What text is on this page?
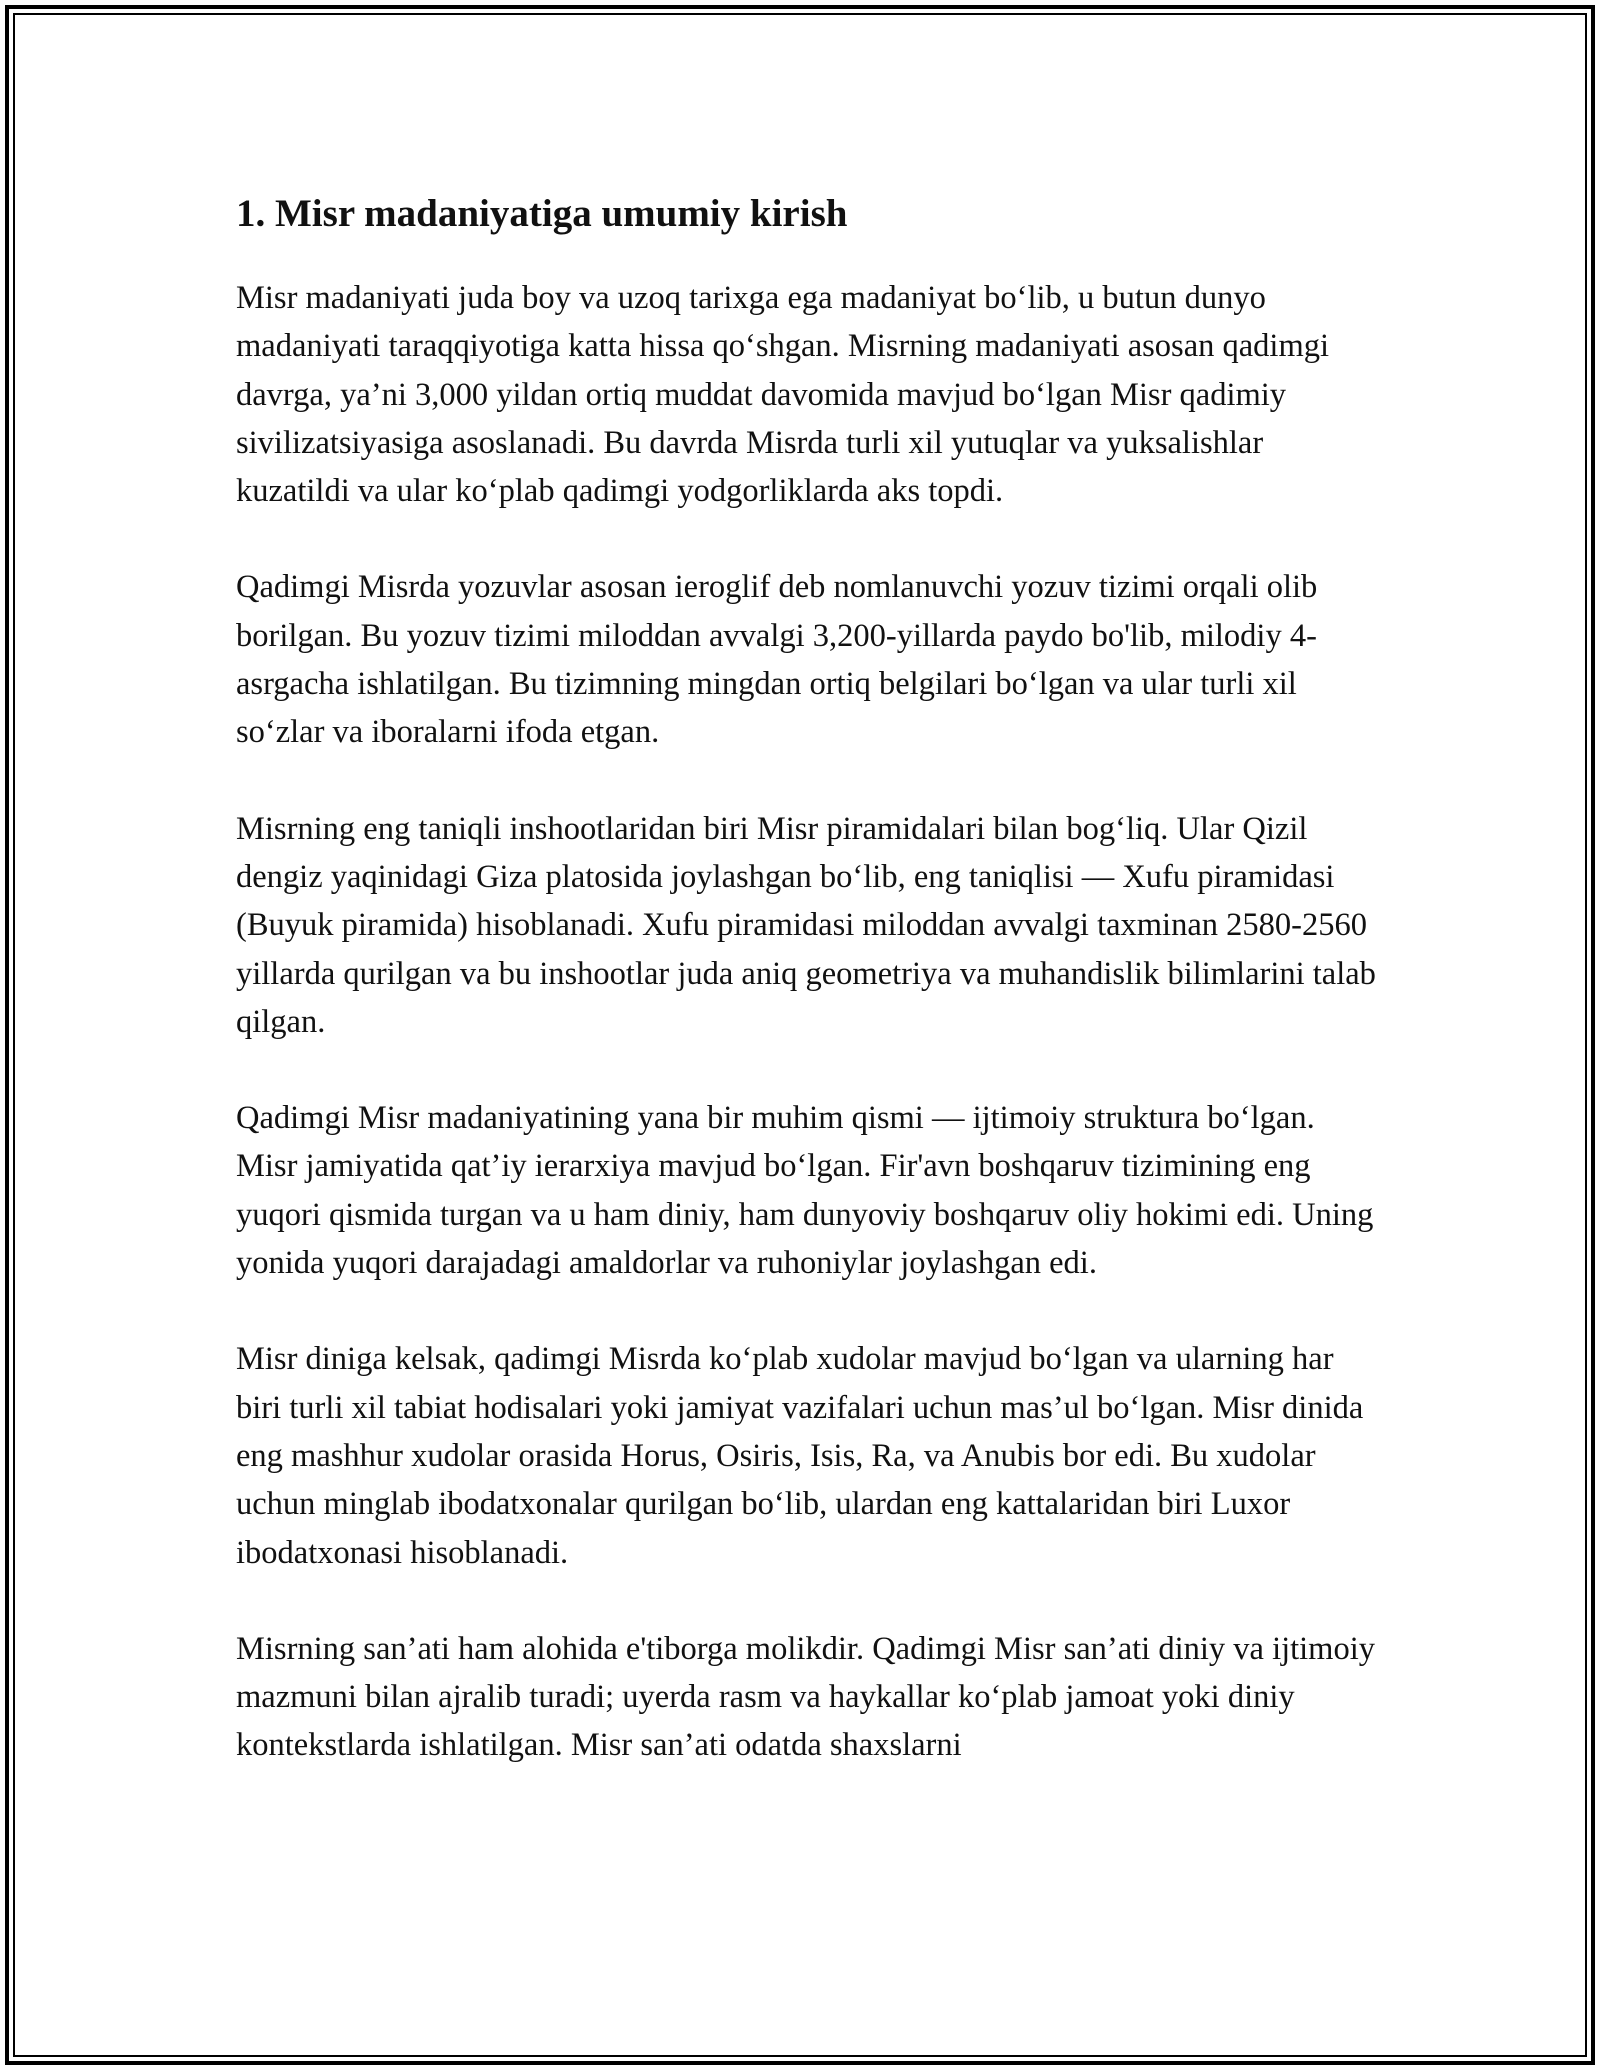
1. Misr madaniyatiga umumiy kirish

Misr madaniyati juda boy va uzoq tarixga ega madaniyat bo‘lib, u butun dunyo madaniyati taraqqiyotiga katta hissa qo‘shgan. Misrning madaniyati asosan qadimgi davrga, ya’ni 3,000 yildan ortiq muddat davomida mavjud bo‘lgan Misr qadimiy sivilizatsiyasiga asoslanadi. Bu davrda Misrda turli xil yutuqlar va yuksalishlar kuzatildi va ular ko‘plab qadimgi yodgorliklarda aks topdi.

Qadimgi Misrda yozuvlar asosan ieroglif deb nomlanuvchi yozuv tizimi orqali olib borilgan. Bu yozuv tizimi miloddan avvalgi 3,200-yillarda paydo bo'lib, milodiy 4-asrgacha ishlatilgan. Bu tizimning mingdan ortiq belgilari bo‘lgan va ular turli xil so‘zlar va iboralarni ifoda etgan.

Misrning eng taniqli inshootlaridan biri Misr piramidalari bilan bog‘liq. Ular Qizil dengiz yaqinidagi Giza platosida joylashgan bo‘lib, eng taniqlisi — Xufu piramidasi (Buyuk piramida) hisoblanadi. Xufu piramidasi miloddan avvalgi taxminan 2580-2560 yillarda qurilgan va bu inshootlar juda aniq geometriya va muhandislik bilimlarini talab qilgan.

Qadimgi Misr madaniyatining yana bir muhim qismi — ijtimoiy struktura bo‘lgan. Misr jamiyatida qat’iy ierarxiya mavjud bo‘lgan. Fir'avn boshqaruv tizimining eng yuqori qismida turgan va u ham diniy, ham dunyoviy boshqaruv oliy hokimi edi. Uning yonida yuqori darajadagi amaldorlar va ruhoniylar joylashgan edi.

Misr diniga kelsak, qadimgi Misrda ko‘plab xudolar mavjud bo‘lgan va ularning har biri turli xil tabiat hodisalari yoki jamiyat vazifalari uchun mas’ul bo‘lgan. Misr dinida eng mashhur xudolar orasida Horus, Osiris, Isis, Ra, va Anubis bor edi. Bu xudolar uchun minglab ibodatxonalar qurilgan bo‘lib, ulardan eng kattalaridan biri Luxor ibodatxonasi hisoblanadi.

Misrning san’ati ham alohida e'tiborga molikdir. Qadimgi Misr san’ati diniy va ijtimoiy mazmuni bilan ajralib turadi; uyerda rasm va haykallar ko‘plab jamoat yoki diniy kontekstlarda ishlatilgan. Misr san’ati odatda shaxslarni
